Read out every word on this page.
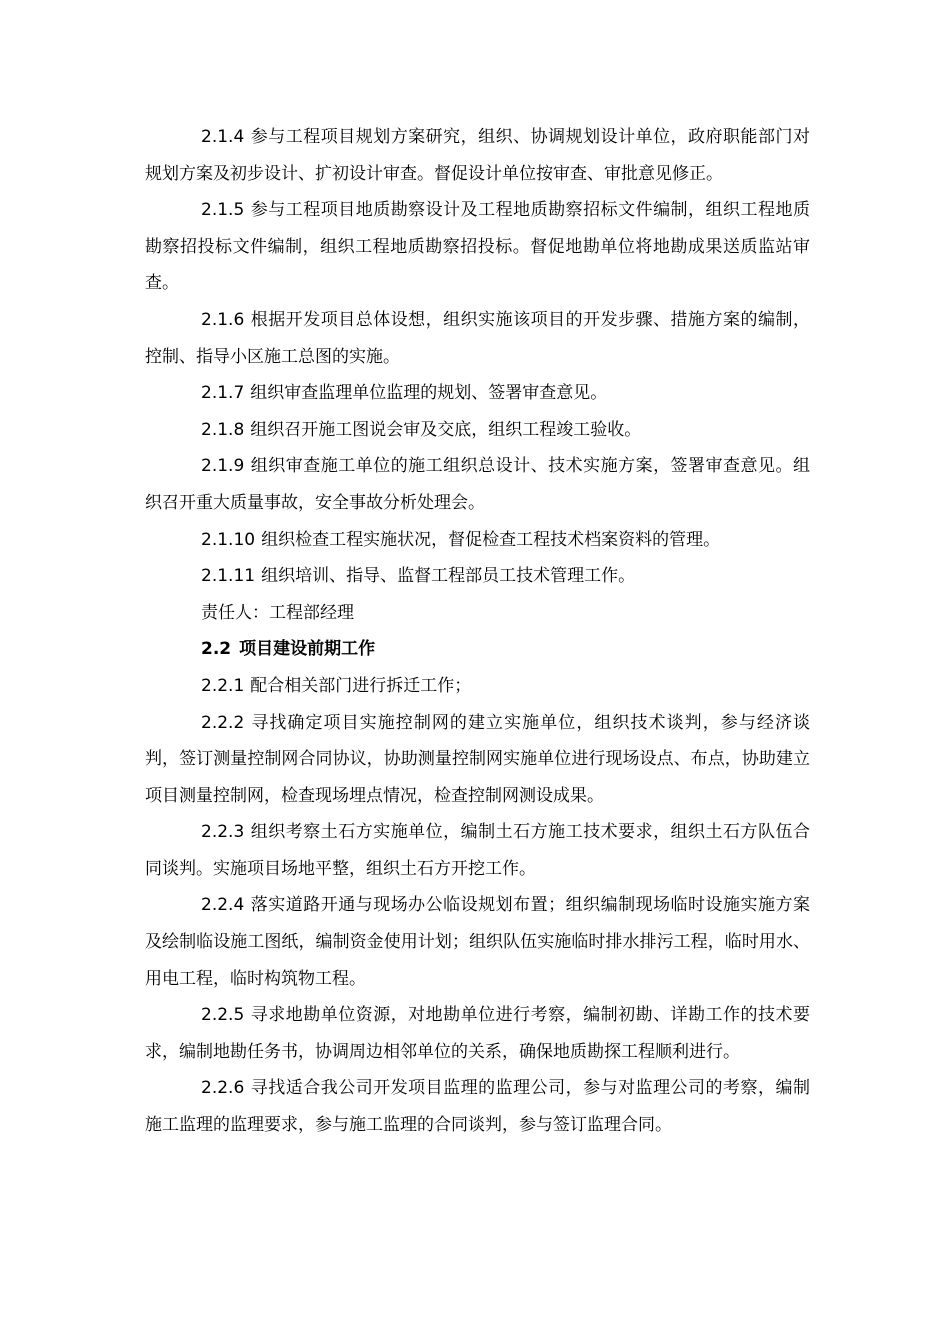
2.1.4 参与工程项目规划方案研究，组织、协调规划设计单位，政府职能部门对规划方案及初步设计、扩初设计审查。督促设计单位按审查、审批意见修正。

2.1.5 参与工程项目地质勘察设计及工程地质勘察招标文件编制，组织工程地质勘察招投标文件编制，组织工程地质勘察招投标。督促地勘单位将地勘成果送质监站审查。

2.1.6 根据开发项目总体设想，组织实施该项目的开发步骤、措施方案的编制，控制、指导小区施工总图的实施。

2.1.7 组织审查监理单位监理的规划、签署审查意见。

2.1.8 组织召开施工图说会审及交底，组织工程竣工验收。

2.1.9 组织审查施工单位的施工组织总设计、技术实施方案，签署审查意见。组织召开重大质量事故，安全事故分析处理会。

2.1.10 组织检查工程实施状况，督促检查工程技术档案资料的管理。

2.1.11 组织培训、指导、监督工程部员工技术管理工作。

责任人：工程部经理

2.2 项目建设前期工作

2.2.1 配合相关部门进行拆迁工作；

2.2.2 寻找确定项目实施控制网的建立实施单位，组织技术谈判，参与经济谈判，签订测量控制网合同协议，协助测量控制网实施单位进行现场设点、布点，协助建立项目测量控制网，检查现场埋点情况，检查控制网测设成果。

2.2.3 组织考察土石方实施单位，编制土石方施工技术要求，组织土石方队伍合同谈判。实施项目场地平整，组织土石方开挖工作。

2.2.4 落实道路开通与现场办公临设规划布置；组织编制现场临时设施实施方案及绘制临设施工图纸，编制资金使用计划；组织队伍实施临时排水排污工程，临时用水、用电工程，临时构筑物工程。

2.2.5 寻求地勘单位资源，对地勘单位进行考察，编制初勘、详勘工作的技术要求，编制地勘任务书，协调周边相邻单位的关系，确保地质勘探工程顺利进行。

2.2.6 寻找适合我公司开发项目监理的监理公司，参与对监理公司的考察，编制施工监理的监理要求，参与施工监理的合同谈判，参与签订监理合同。
